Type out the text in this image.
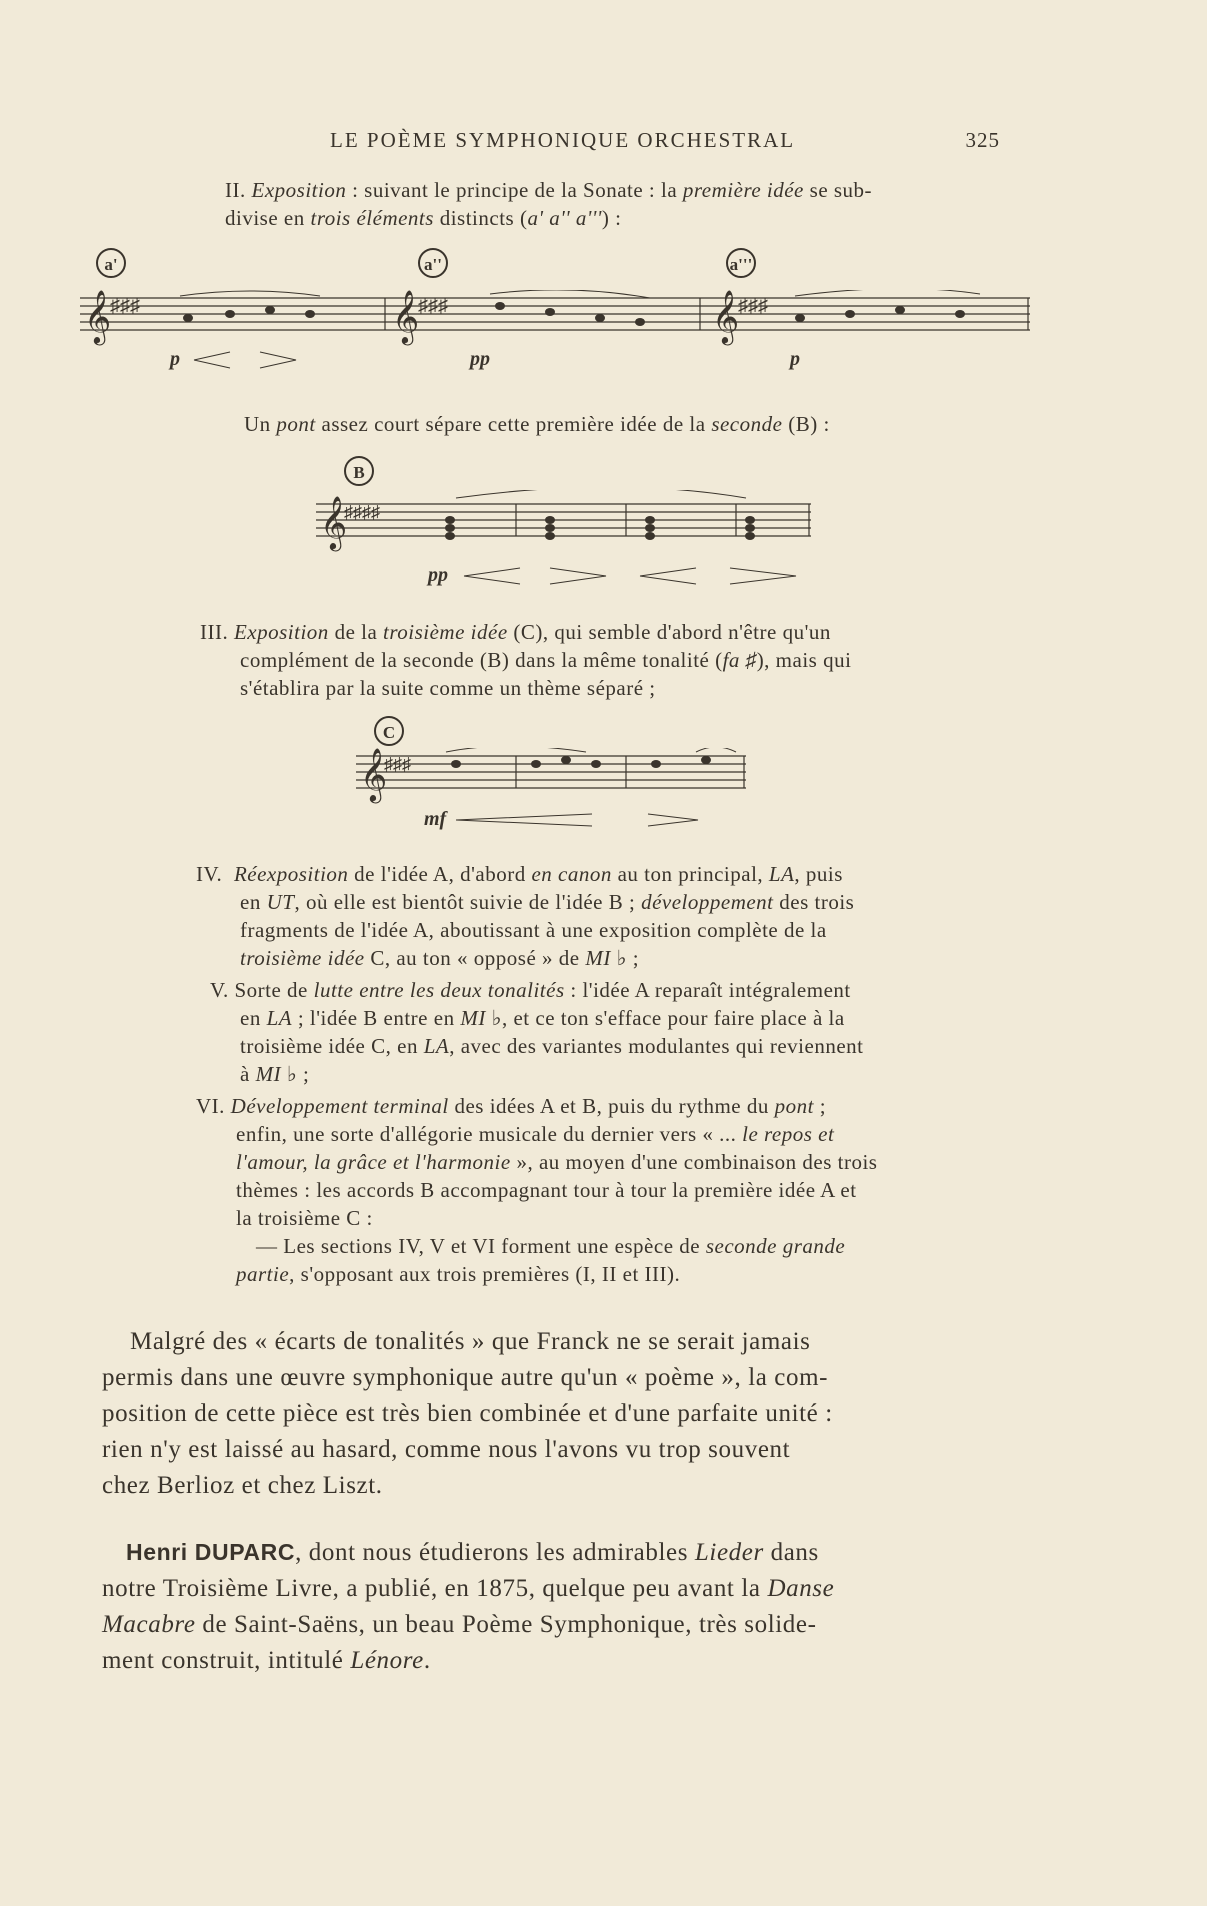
LE POÈME SYMPHONIQUE ORCHESTRAL	325
II. Exposition : suivant le principe de la Sonate : la première idée se sub-
divise en trois éléments distincts (a' a'' a''') :
a'	a''	a'''
𝄞	𝄞	𝄞
♯♯♯	♯♯♯	♯♯♯
p	pp	p
Un pont assez court sépare cette première idée de la seconde (B) :
B
𝄞
♯♯♯♯
pp
III. Exposition de la troisième idée (C), qui semble d'abord n'être qu'un
complément de la seconde (B) dans la même tonalité (fa ♯), mais qui
s'établira par la suite comme un thème séparé ;
C
𝄞
♯♯♯
mf
IV. Réexposition de l'idée A, d'abord en canon au ton principal, LA, puis
en UT, où elle est bientôt suivie de l'idée B ; développement des trois
fragments de l'idée A, aboutissant à une exposition complète de la
troisième idée C, au ton « opposé » de MI ♭ ;
V. Sorte de lutte entre les deux tonalités : l'idée A reparaît intégralement
en LA ; l'idée B entre en MI ♭, et ce ton s'efface pour faire place à la
troisième idée C, en LA, avec des variantes modulantes qui reviennent
à MI ♭ ;
VI. Développement terminal des idées A et B, puis du rythme du pont ;
enfin, une sorte d'allégorie musicale du dernier vers « ... le repos et
l'amour, la grâce et l'harmonie », au moyen d'une combinaison des trois
thèmes : les accords B accompagnant tour à tour la première idée A et
la troisième C :
— Les sections IV, V et VI forment une espèce de seconde grande
partie, s'opposant aux trois premières (I, II et III).
Malgré des « écarts de tonalités » que Franck ne se serait jamais
permis dans une œuvre symphonique autre qu'un « poème », la com-
position de cette pièce est très bien combinée et d'une parfaite unité :
rien n'y est laissé au hasard, comme nous l'avons vu trop souvent
chez Berlioz et chez Liszt.
Henri DUPARC, dont nous étudierons les admirables Lieder dans
notre Troisième Livre, a publié, en 1875, quelque peu avant la Danse
Macabre de Saint-Saëns, un beau Poème Symphonique, très solide-
ment construit, intitulé Lénore.
